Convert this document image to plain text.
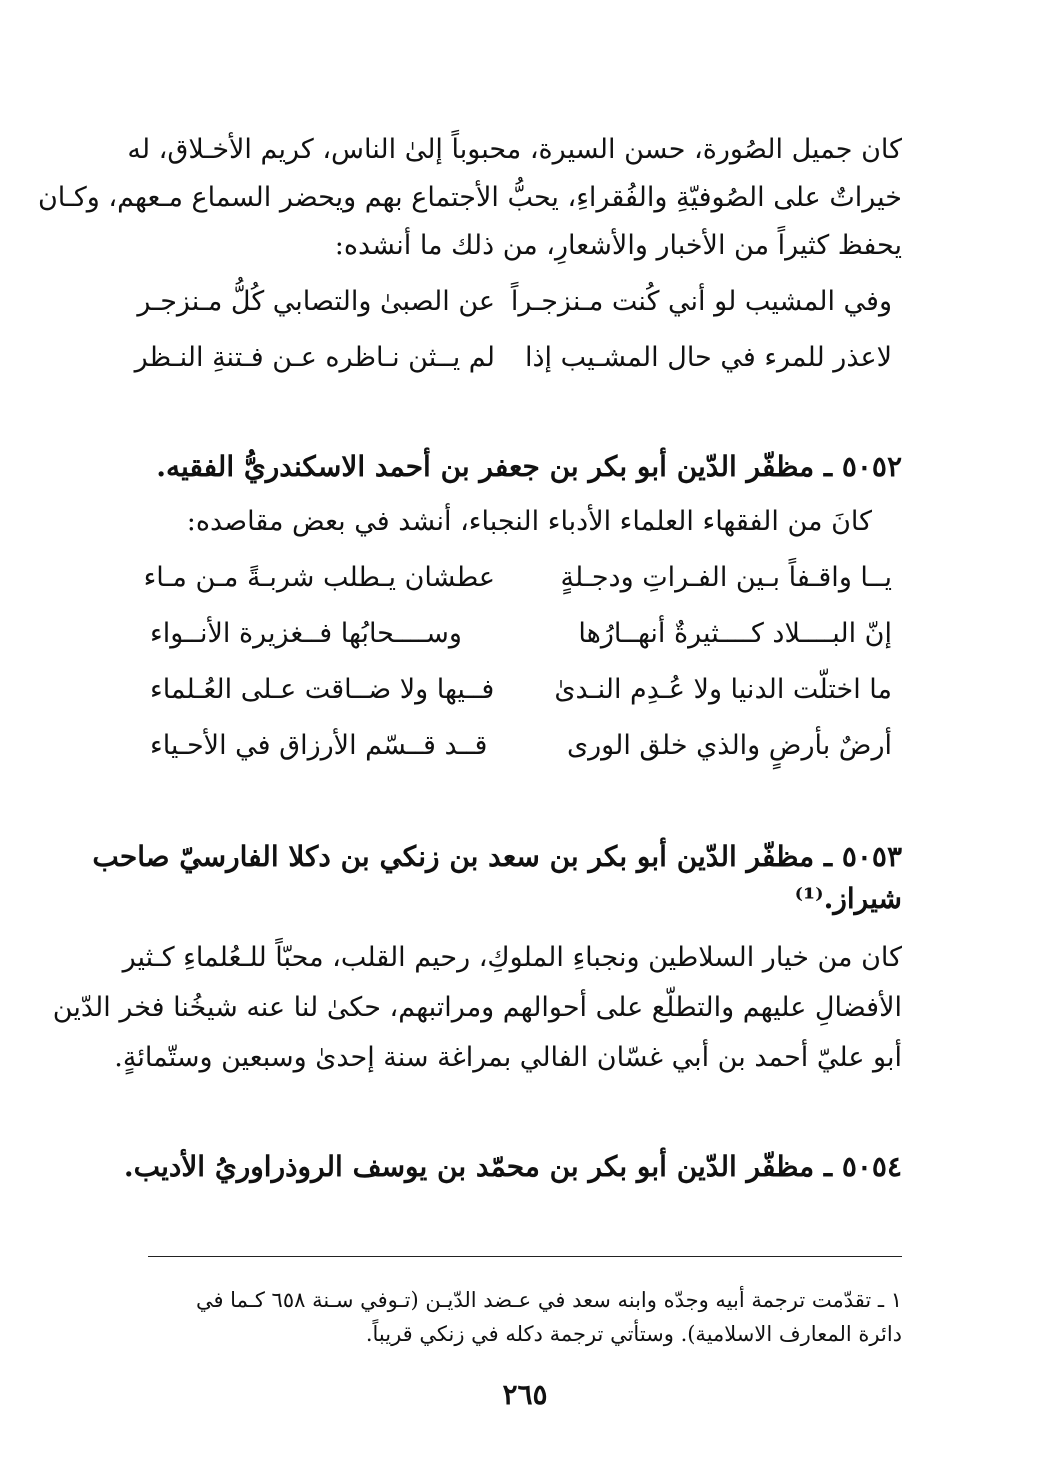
كان جميل الصُورة، حسن السيرة، محبوباً إلىٰ الناس، كريم الأخـلاق، له
خيراتٌ على الصُوفيّةِ والفُقراءِ، يحبُّ الأجتماع بهم ويحضر السماع مـعهم، وكـان
يحفظ كثيراً من الأخبار والأشعارِ، من ذلك ما أنشده:
وفي المشيب لو أني كُنت مـنزجـراً
عن الصبىٰ والتصابي كُلُّ مـنزجـر
لاعذر للمرء في حال المشـيب إذا
لم يــثن نـاظره عـن فـتنةِ النـظر
٥٠٥٢ ـ مظفّر الدّين أبو بكر بن جعفر بن أحمد الاسكندريُّ الفقيه.
كانَ من الفقهاء العلماء الأدباء النجباء، أنشد في بعض مقاصده:
يــا واقـفاً بـين الفـراتِ ودجـلةٍ
عطشان يـطلب شربـةً مـن مـاء
إنّ البــــلاد كــــثيرةٌ أنهــارُها
وســــحابُها فــغزيرة الأنــواء
ما اختلّت الدنيا ولا عُـدِم النـدىٰ
فــيها ولا ضــاقت عـلى العُـلماء
أرضٌ بأرضٍ والذي خلق الورى
قــد قــسّم الأرزاق في الأحـياء
٥٠٥٣ ـ مظفّر الدّين أبو بكر بن سعد بن زنكي بن دكلا الفارسيّ صاحب
شيراز.⁽¹⁾
كان من خيار السلاطين ونجباءِ الملوكِ، رحيم القلب، محبّاً للـعُلماءِ كـثير
الأفضالِ عليهم والتطلّع على أحوالهم ومراتبهم، حكىٰ لنا عنه شيخُنا فخر الدّين
أبو عليّ أحمد بن أبي غسّان الفالي بمراغة سنة إحدىٰ وسبعين وستّمائةٍ.
٥٠٥٤ ـ مظفّر الدّين أبو بكر بن محمّد بن يوسف الروذراوريُ الأديب.
١ ـ تقدّمت ترجمة أبيه وجدّه وابنه سعد في عـضد الدّيـن (تـوفي سـنة ٦٥٨ كـما في
دائرة المعارف الاسلامية). وستأتي ترجمة دكله في زنكي قريباً.
٢٦٥
